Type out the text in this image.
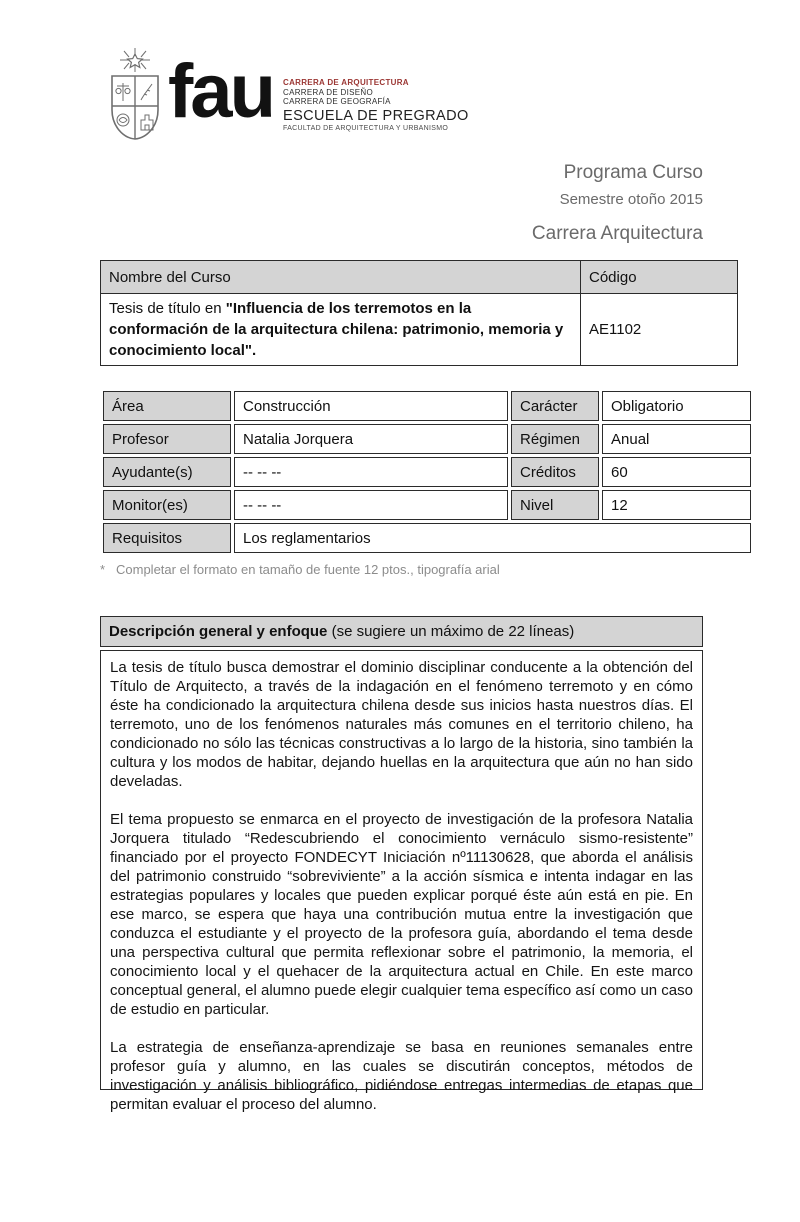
fau CARRERA DE ARQUITECTURA
CARRERA DE DISEÑO
CARRERA DE GEOGRAFÍA
ESCUELA DE PREGRADO
FACULTAD DE ARQUITECTURA Y URBANISMO
Programa Curso
Semestre otoño 2015
Carrera Arquitectura
Nombre del Curso	Código
Tesis de título en "Influencia de los terremotos en la conformación de la arquitectura chilena: patrimonio, memoria y conocimiento local".	AE1102
Área	Construcción	Carácter	Obligatorio
Profesor	Natalia Jorquera	Régimen	Anual
Ayudante(s)	-- -- --	Créditos	60
Monitor(es)	-- -- --	Nivel	12
Requisitos	Los reglamentarios		
* Completar el formato en tamaño de fuente 12 ptos., tipografía arial
Descripción general y enfoque (se sugiere un máximo de 22 líneas)

La tesis de título busca demostrar el dominio disciplinar conducente a la obtención del Título de Arquitecto, a través de la indagación en el fenómeno terremoto y en cómo éste ha condicionado la arquitectura chilena desde sus inicios hasta nuestros días. El terremoto, uno de los fenómenos naturales más comunes en el territorio chileno, ha condicionado no sólo las técnicas constructivas a lo largo de la historia, sino también la cultura y los modos de habitar, dejando huellas en la arquitectura que aún no han sido develadas.

El tema propuesto se enmarca en el proyecto de investigación de la profesora Natalia Jorquera titulado “Redescubriendo el conocimiento vernáculo sismo-resistente” financiado por el proyecto FONDECYT Iniciación nº11130628, que aborda el análisis del patrimonio construido “sobreviviente” a la acción sísmica e intenta indagar en las estrategias populares y locales que pueden explicar porqué éste aún está en pie. En ese marco, se espera que haya una contribución mutua entre la investigación que conduzca el estudiante y el proyecto de la profesora guía, abordando el tema desde una perspectiva cultural que permita reflexionar sobre el patrimonio, la memoria, el conocimiento local y el quehacer de la arquitectura actual en Chile. En este marco conceptual general, el alumno puede elegir cualquier tema específico así como un caso de estudio en particular.

La estrategia de enseñanza-aprendizaje se basa en reuniones semanales entre profesor guía y alumno, en las cuales se discutirán conceptos, métodos de investigación y análisis bibliográfico, pidiéndose entregas intermedias de etapas que permitan evaluar el proceso del alumno.
